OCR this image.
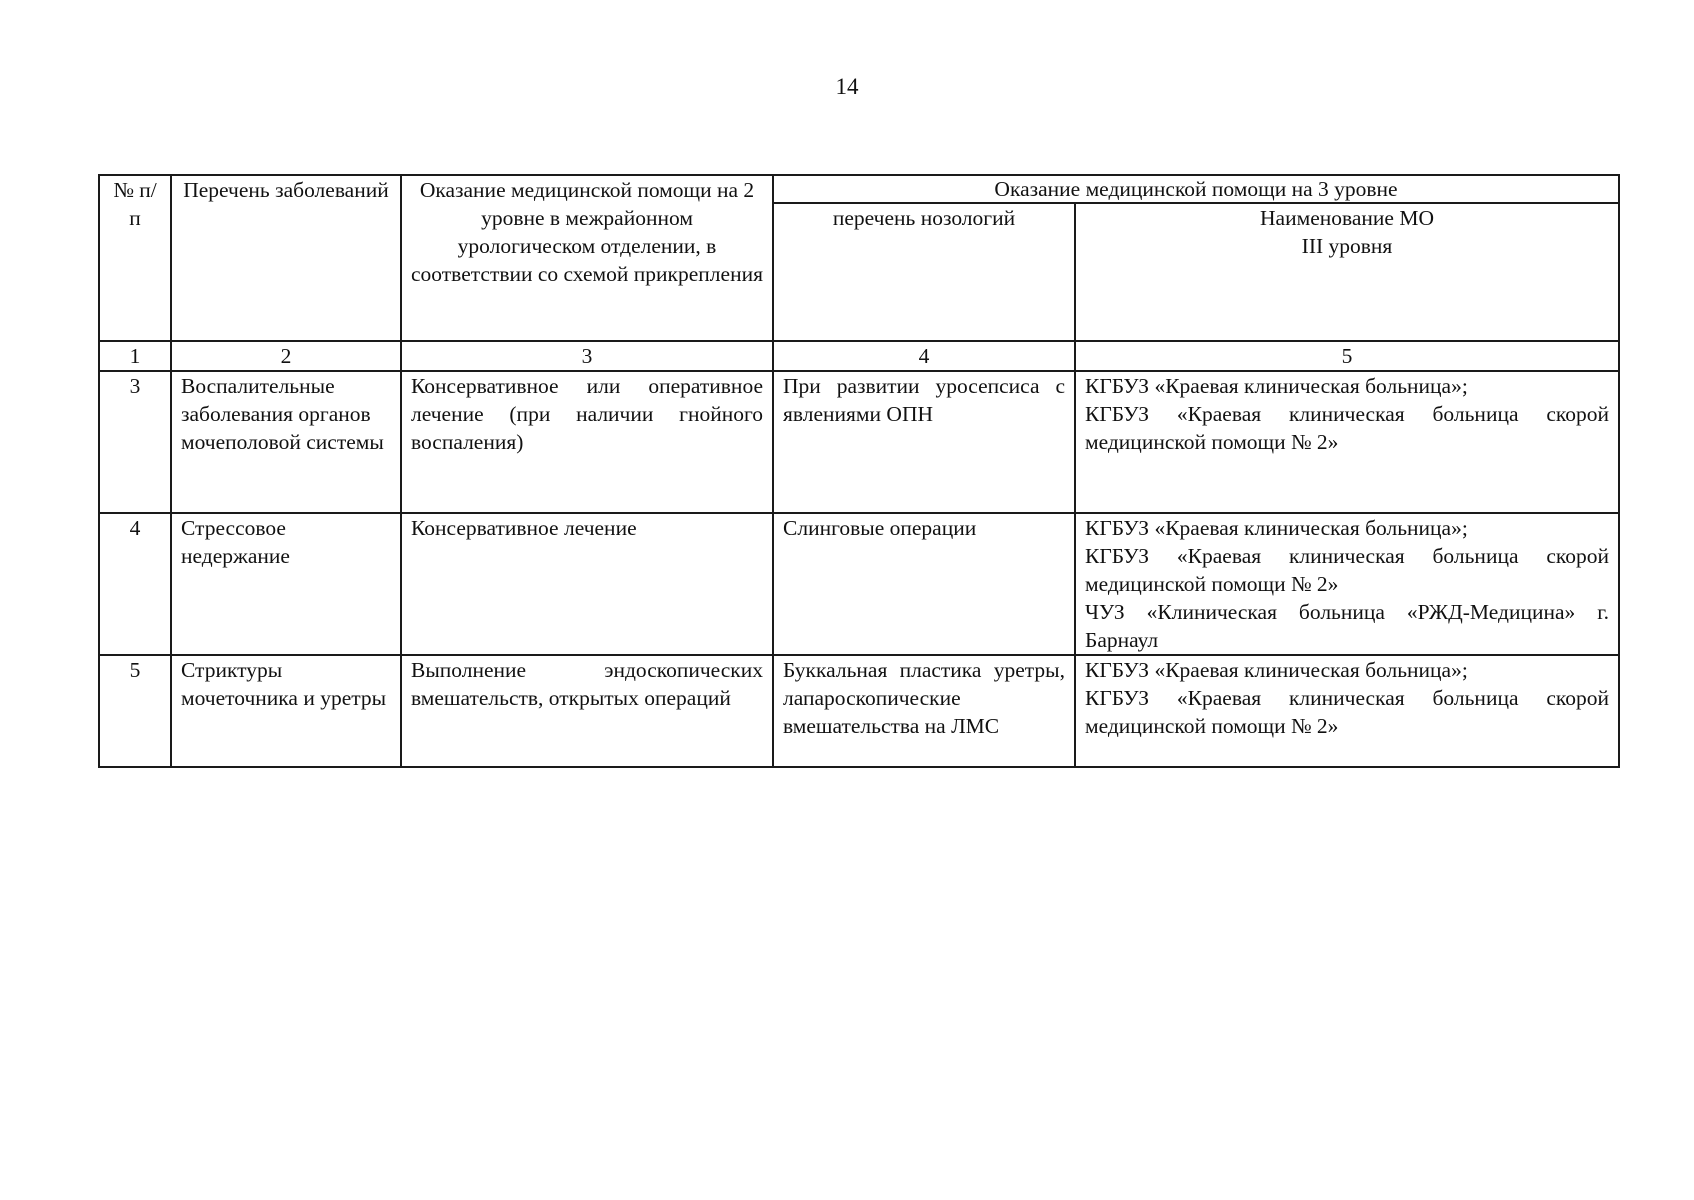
14
№ п/п	Перечень заболеваний	Оказание медицинской помощи на 2 уровне в межрайонном урологическом отделении, в соответствии со схемой прикрепления	Оказание медицинской помощи на 3 уровне	
			перечень нозологий	Наименование МО
III уровня

1	2	3	4	5
3	Воспалительные заболевания органов мочеполовой системы	Консервативное или оперативное лечение (при наличии гнойного воспаления)	При развитии уросепсиса с явлениями ОПН	КГБУЗ «Краевая клиническая больница»;
КГБУЗ «Краевая клиническая больница скорой медицинской помощи № 2»

4	Стрессовое недержание	Консервативное лечение	Слинговые операции	КГБУЗ «Краевая клиническая больница»;
КГБУЗ «Краевая клиническая больница скорой медицинской помощи № 2»
ЧУЗ «Клиническая больница «РЖД-Медицина» г. Барнаул

5	Стриктуры мочеточника и уретры	Выполнение эндоскопических вмешательств, открытых операций	Буккальная пластика уретры, лапароскопические вмешательства на ЛМС	КГБУЗ «Краевая клиническая больница»;
КГБУЗ «Краевая клиническая больница скорой медицинской помощи № 2»
